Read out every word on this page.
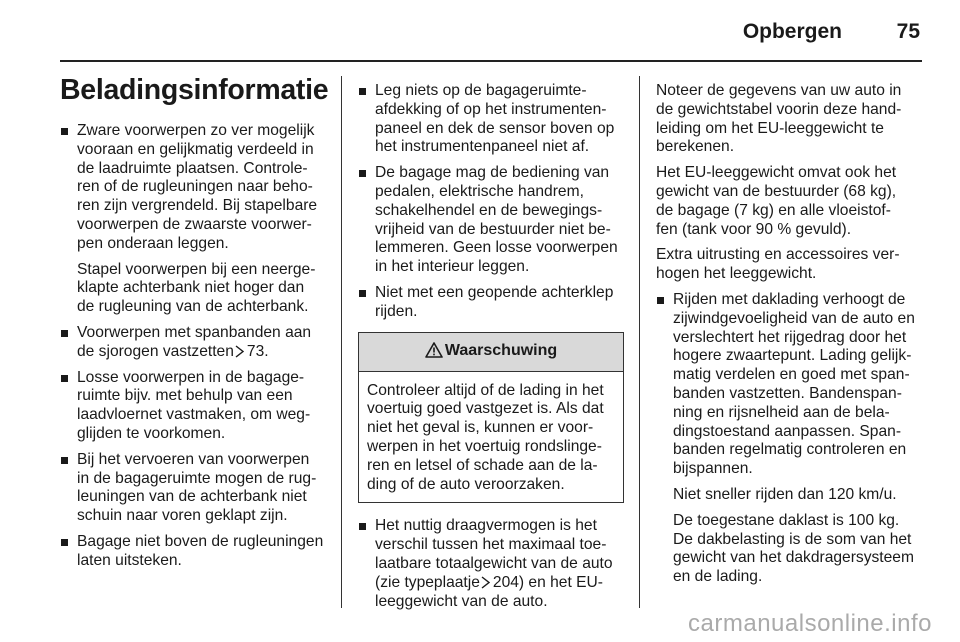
Opbergen	75
Beladingsinformatie
Zware voorwerpen zo ver mogelijk
vooraan en gelijkmatig verdeeld in
de laadruimte plaatsen. Controle-
ren of de rugleuningen naar beho-
ren zijn vergrendeld. Bij stapelbare
voorwerpen de zwaarste voorwer-
pen onderaan leggen.
Stapel voorwerpen bij een neerge-
klapte achterbank niet hoger dan
de rugleuning van de achterbank.
Voorwerpen met spanbanden aan
de sjorogen vastzetten 73.
Losse voorwerpen in de bagage-
ruimte bijv. met behulp van een
laadvloernet vastmaken, om weg-
glijden te voorkomen.
Bij het vervoeren van voorwerpen
in de bagageruimte mogen de rug-
leuningen van de achterbank niet
schuin naar voren geklapt zijn.
Bagage niet boven de rugleuningen
laten uitsteken.
Leg niets op de bagageruimte-
afdekking of op het instrumenten-
paneel en dek de sensor boven op
het instrumentenpaneel niet af.
De bagage mag de bediening van
pedalen, elektrische handrem,
schakelhendel en de bewegings-
vrijheid van de bestuurder niet be-
lemmeren. Geen losse voorwerpen
in het interieur leggen.
Niet met een geopende achterklep
rijden.
Waarschuwing
Controleer altijd of de lading in het
voertuig goed vastgezet is. Als dat
niet het geval is, kunnen er voor-
werpen in het voertuig rondslinge-
ren en letsel of schade aan de la-
ding of de auto veroorzaken.
Het nuttig draagvermogen is het
verschil tussen het maximaal toe-
laatbare totaalgewicht van de auto
(zie typeplaatje 204) en het EU-
leeggewicht van de auto.
Noteer de gegevens van uw auto in
de gewichtstabel voorin deze hand-
leiding om het EU-leeggewicht te
berekenen.
Het EU-leeggewicht omvat ook het
gewicht van de bestuurder (68 kg),
de bagage (7 kg) en alle vloeistof-
fen (tank voor 90 % gevuld).
Extra uitrusting en accessoires ver-
hogen het leeggewicht.
Rijden met daklading verhoogt de
zijwindgevoeligheid van de auto en
verslechtert het rijgedrag door het
hogere zwaartepunt. Lading gelijk-
matig verdelen en goed met span-
banden vastzetten. Bandenspan-
ning en rijsnelheid aan de bela-
dingstoestand aanpassen. Span-
banden regelmatig controleren en
bijspannen.
Niet sneller rijden dan 120 km/u.
De toegestane daklast is 100 kg.
De dakbelasting is de som van het
gewicht van het dakdragersysteem
en de lading.
carmanualsonline.info
